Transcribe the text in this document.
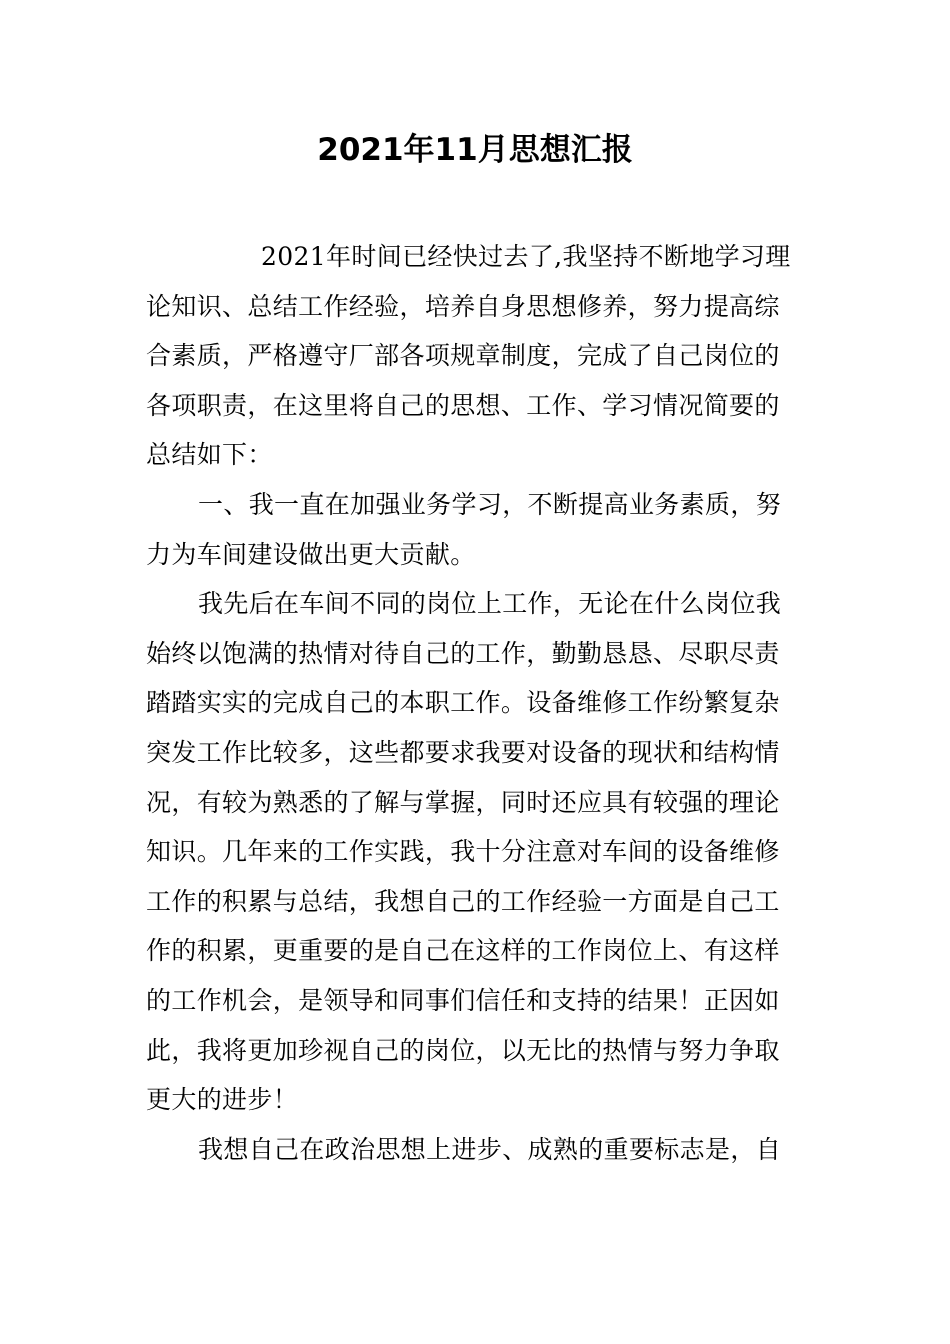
2021年11月思想汇报
2021年时间已经快过去了,我坚持不断地学习理
论知识、总结工作经验，培养自身思想修养，努力提高综
合素质，严格遵守厂部各项规章制度，完成了自己岗位的
各项职责，在这里将自己的思想、工作、学习情况简要的
总结如下：
一、我一直在加强业务学习，不断提高业务素质，努
力为车间建设做出更大贡献。
我先后在车间不同的岗位上工作，无论在什么岗位我
始终以饱满的热情对待自己的工作，勤勤恳恳、尽职尽责
踏踏实实的完成自己的本职工作。设备维修工作纷繁复杂
突发工作比较多，这些都要求我要对设备的现状和结构情
况，有较为熟悉的了解与掌握，同时还应具有较强的理论
知识。几年来的工作实践，我十分注意对车间的设备维修
工作的积累与总结，我想自己的工作经验一方面是自己工
作的积累，更重要的是自己在这样的工作岗位上、有这样
的工作机会，是领导和同事们信任和支持的结果！正因如
此，我将更加珍视自己的岗位，以无比的热情与努力争取
更大的进步！
我想自己在政治思想上进步、成熟的重要标志是，自
